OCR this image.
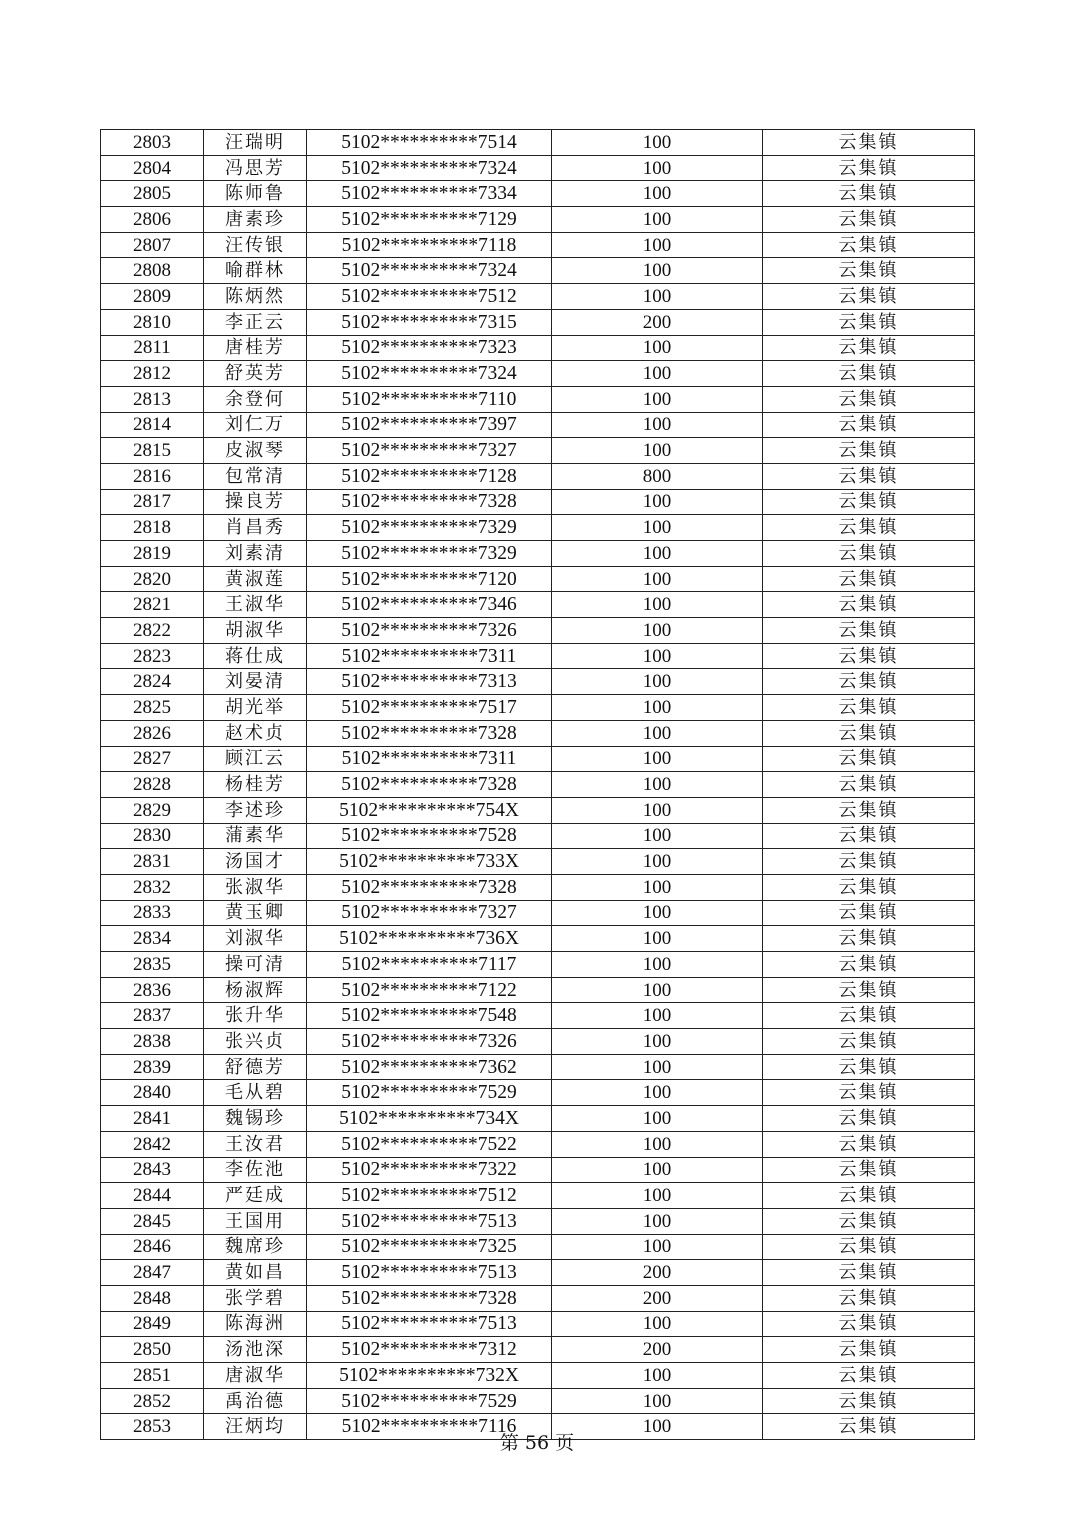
2803	汪瑞明	5102**********7514	100	云集镇
2804	冯思芳	5102**********7324	100	云集镇
2805	陈师鲁	5102**********7334	100	云集镇
2806	唐素珍	5102**********7129	100	云集镇
2807	汪传银	5102**********7118	100	云集镇
2808	喻群林	5102**********7324	100	云集镇
2809	陈炳然	5102**********7512	100	云集镇
2810	李正云	5102**********7315	200	云集镇
2811	唐桂芳	5102**********7323	100	云集镇
2812	舒英芳	5102**********7324	100	云集镇
2813	余登何	5102**********7110	100	云集镇
2814	刘仁万	5102**********7397	100	云集镇
2815	皮淑琴	5102**********7327	100	云集镇
2816	包常清	5102**********7128	800	云集镇
2817	操良芳	5102**********7328	100	云集镇
2818	肖昌秀	5102**********7329	100	云集镇
2819	刘素清	5102**********7329	100	云集镇
2820	黄淑莲	5102**********7120	100	云集镇
2821	王淑华	5102**********7346	100	云集镇
2822	胡淑华	5102**********7326	100	云集镇
2823	蒋仕成	5102**********7311	100	云集镇
2824	刘晏清	5102**********7313	100	云集镇
2825	胡光举	5102**********7517	100	云集镇
2826	赵术贞	5102**********7328	100	云集镇
2827	顾江云	5102**********7311	100	云集镇
2828	杨桂芳	5102**********7328	100	云集镇
2829	李述珍	5102**********754X	100	云集镇
2830	蒲素华	5102**********7528	100	云集镇
2831	汤国才	5102**********733X	100	云集镇
2832	张淑华	5102**********7328	100	云集镇
2833	黄玉卿	5102**********7327	100	云集镇
2834	刘淑华	5102**********736X	100	云集镇
2835	操可清	5102**********7117	100	云集镇
2836	杨淑辉	5102**********7122	100	云集镇
2837	张升华	5102**********7548	100	云集镇
2838	张兴贞	5102**********7326	100	云集镇
2839	舒德芳	5102**********7362	100	云集镇
2840	毛从碧	5102**********7529	100	云集镇
2841	魏锡珍	5102**********734X	100	云集镇
2842	王汝君	5102**********7522	100	云集镇
2843	李佐池	5102**********7322	100	云集镇
2844	严廷成	5102**********7512	100	云集镇
2845	王国用	5102**********7513	100	云集镇
2846	魏席珍	5102**********7325	100	云集镇
2847	黄如昌	5102**********7513	200	云集镇
2848	张学碧	5102**********7328	200	云集镇
2849	陈海洲	5102**********7513	100	云集镇
2850	汤池深	5102**********7312	200	云集镇
2851	唐淑华	5102**********732X	100	云集镇
2852	禹治德	5102**********7529	100	云集镇
2853	汪炳均	5102**********7116	100	云集镇
第 56 页
